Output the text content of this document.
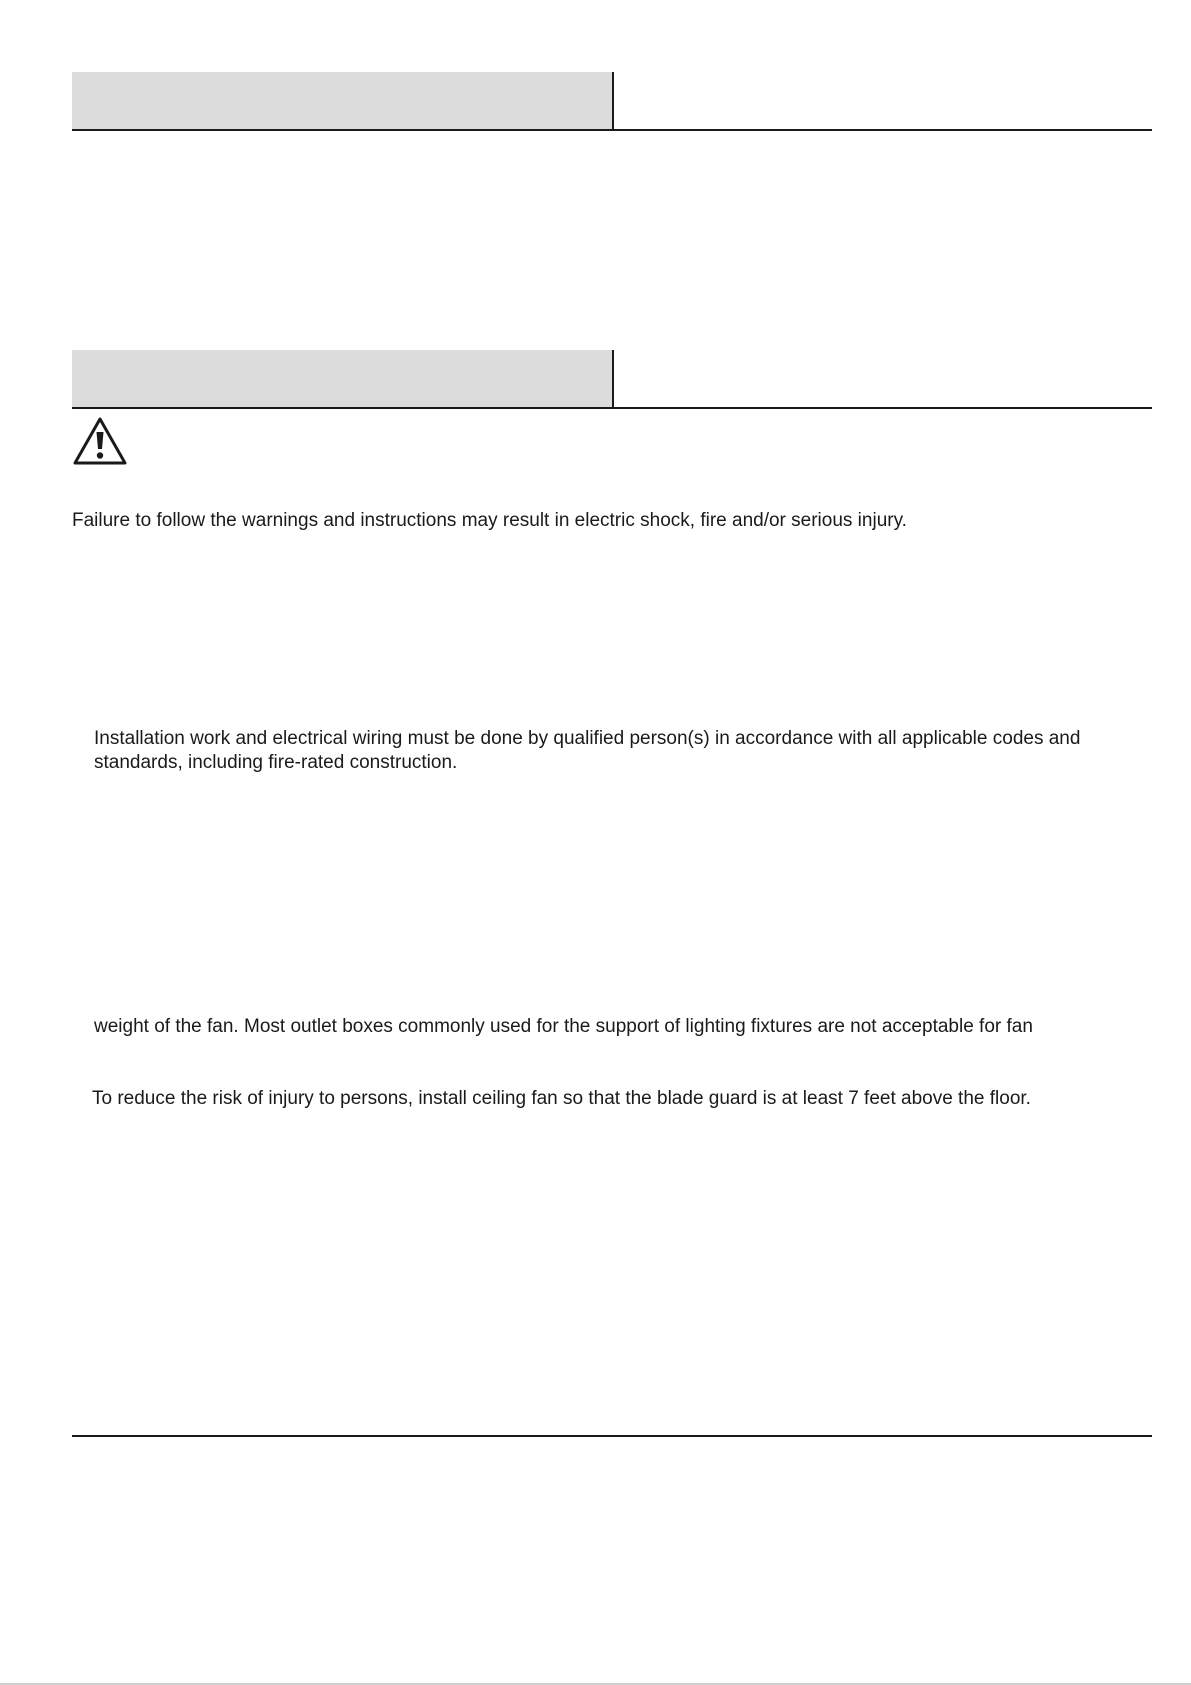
Failure to follow the warnings and instructions may result in electric shock, fire and/or serious injury.
Installation work and electrical wiring must be done by qualified person(s) in accordance with all applicable codes and
standards, including fire-rated construction.
weight of the fan. Most outlet boxes commonly used for the support of lighting fixtures are not acceptable for fan
To reduce the risk of injury to persons, install ceiling fan so that the blade guard is at least 7 feet above the floor.
